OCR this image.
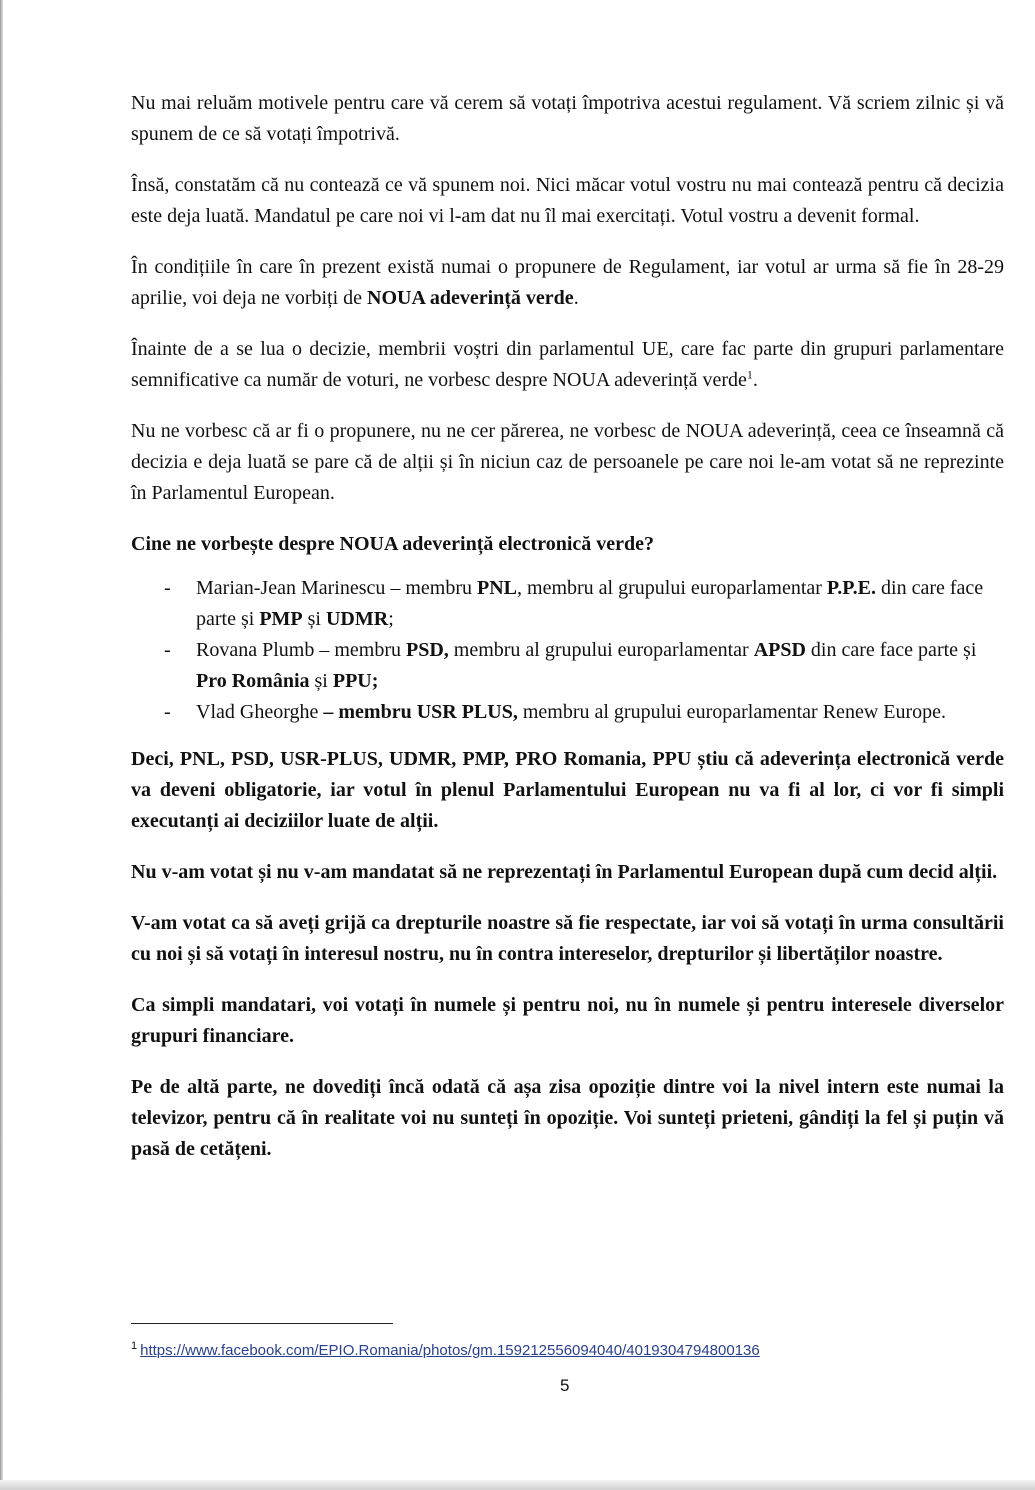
Nu mai reluăm motivele pentru care vă cerem să votați împotriva acestui regulament. Vă scriem zilnic și vă spunem de ce să votați împotrivă.

Însă, constatăm că nu contează ce vă spunem noi. Nici măcar votul vostru nu mai contează pentru că decizia este deja luată. Mandatul pe care noi vi l-am dat nu îl mai exercitați. Votul vostru a devenit formal.

În condițiile în care în prezent există numai o propunere de Regulament, iar votul ar urma să fie în 28-29 aprilie, voi deja ne vorbiți de NOUA adeverință verde.

Înainte de a se lua o decizie, membrii voștri din parlamentul UE, care fac parte din grupuri parlamentare semnificative ca număr de voturi, ne vorbesc despre NOUA adeverință verde$^1$.

Nu ne vorbesc că ar fi o propunere, nu ne cer părerea, ne vorbesc de NOUA adeverință, ceea ce înseamnă că decizia e deja luată se pare că de alții și în niciun caz de persoanele pe care noi le-am votat să ne reprezinte în Parlamentul European.

Cine ne vorbește despre NOUA adeverință electronică verde?

- Marian-Jean Marinescu – membru PNL, membru al grupului europarlamentar P.P.E. din care face parte și PMP și UDMR;
- Rovana Plumb – membru PSD, membru al grupului europarlamentar APSD din care face parte și Pro România și PPU;
- Vlad Gheorghe – membru USR PLUS, membru al grupului europarlamentar Renew Europe.

Deci, PNL, PSD, USR-PLUS, UDMR, PMP, PRO Romania, PPU știu că adeverința electronică verde va deveni obligatorie, iar votul în plenul Parlamentului European nu va fi al lor, ci vor fi simpli executanți ai deciziilor luate de alții.

Nu v-am votat și nu v-am mandatat să ne reprezentați în Parlamentul European după cum decid alții.

V-am votat ca să aveți grijă ca drepturile noastre să fie respectate, iar voi să votați în urma consultării cu noi și să votați în interesul nostru, nu în contra intereselor, drepturilor și libertăților noastre.

Ca simpli mandatari, voi votați în numele și pentru noi, nu în numele și pentru interesele diverselor grupuri financiare.

Pe de altă parte, ne dovediți încă odată că așa zisa opoziție dintre voi la nivel intern este numai la televizor, pentru că în realitate voi nu sunteți în opoziție. Voi sunteți prieteni, gândiți la fel și puțin vă pasă de cetățeni.

$^1$ https://www.facebook.com/EPIO.Romania/photos/gm.159212556094040/4019304794800136
5
